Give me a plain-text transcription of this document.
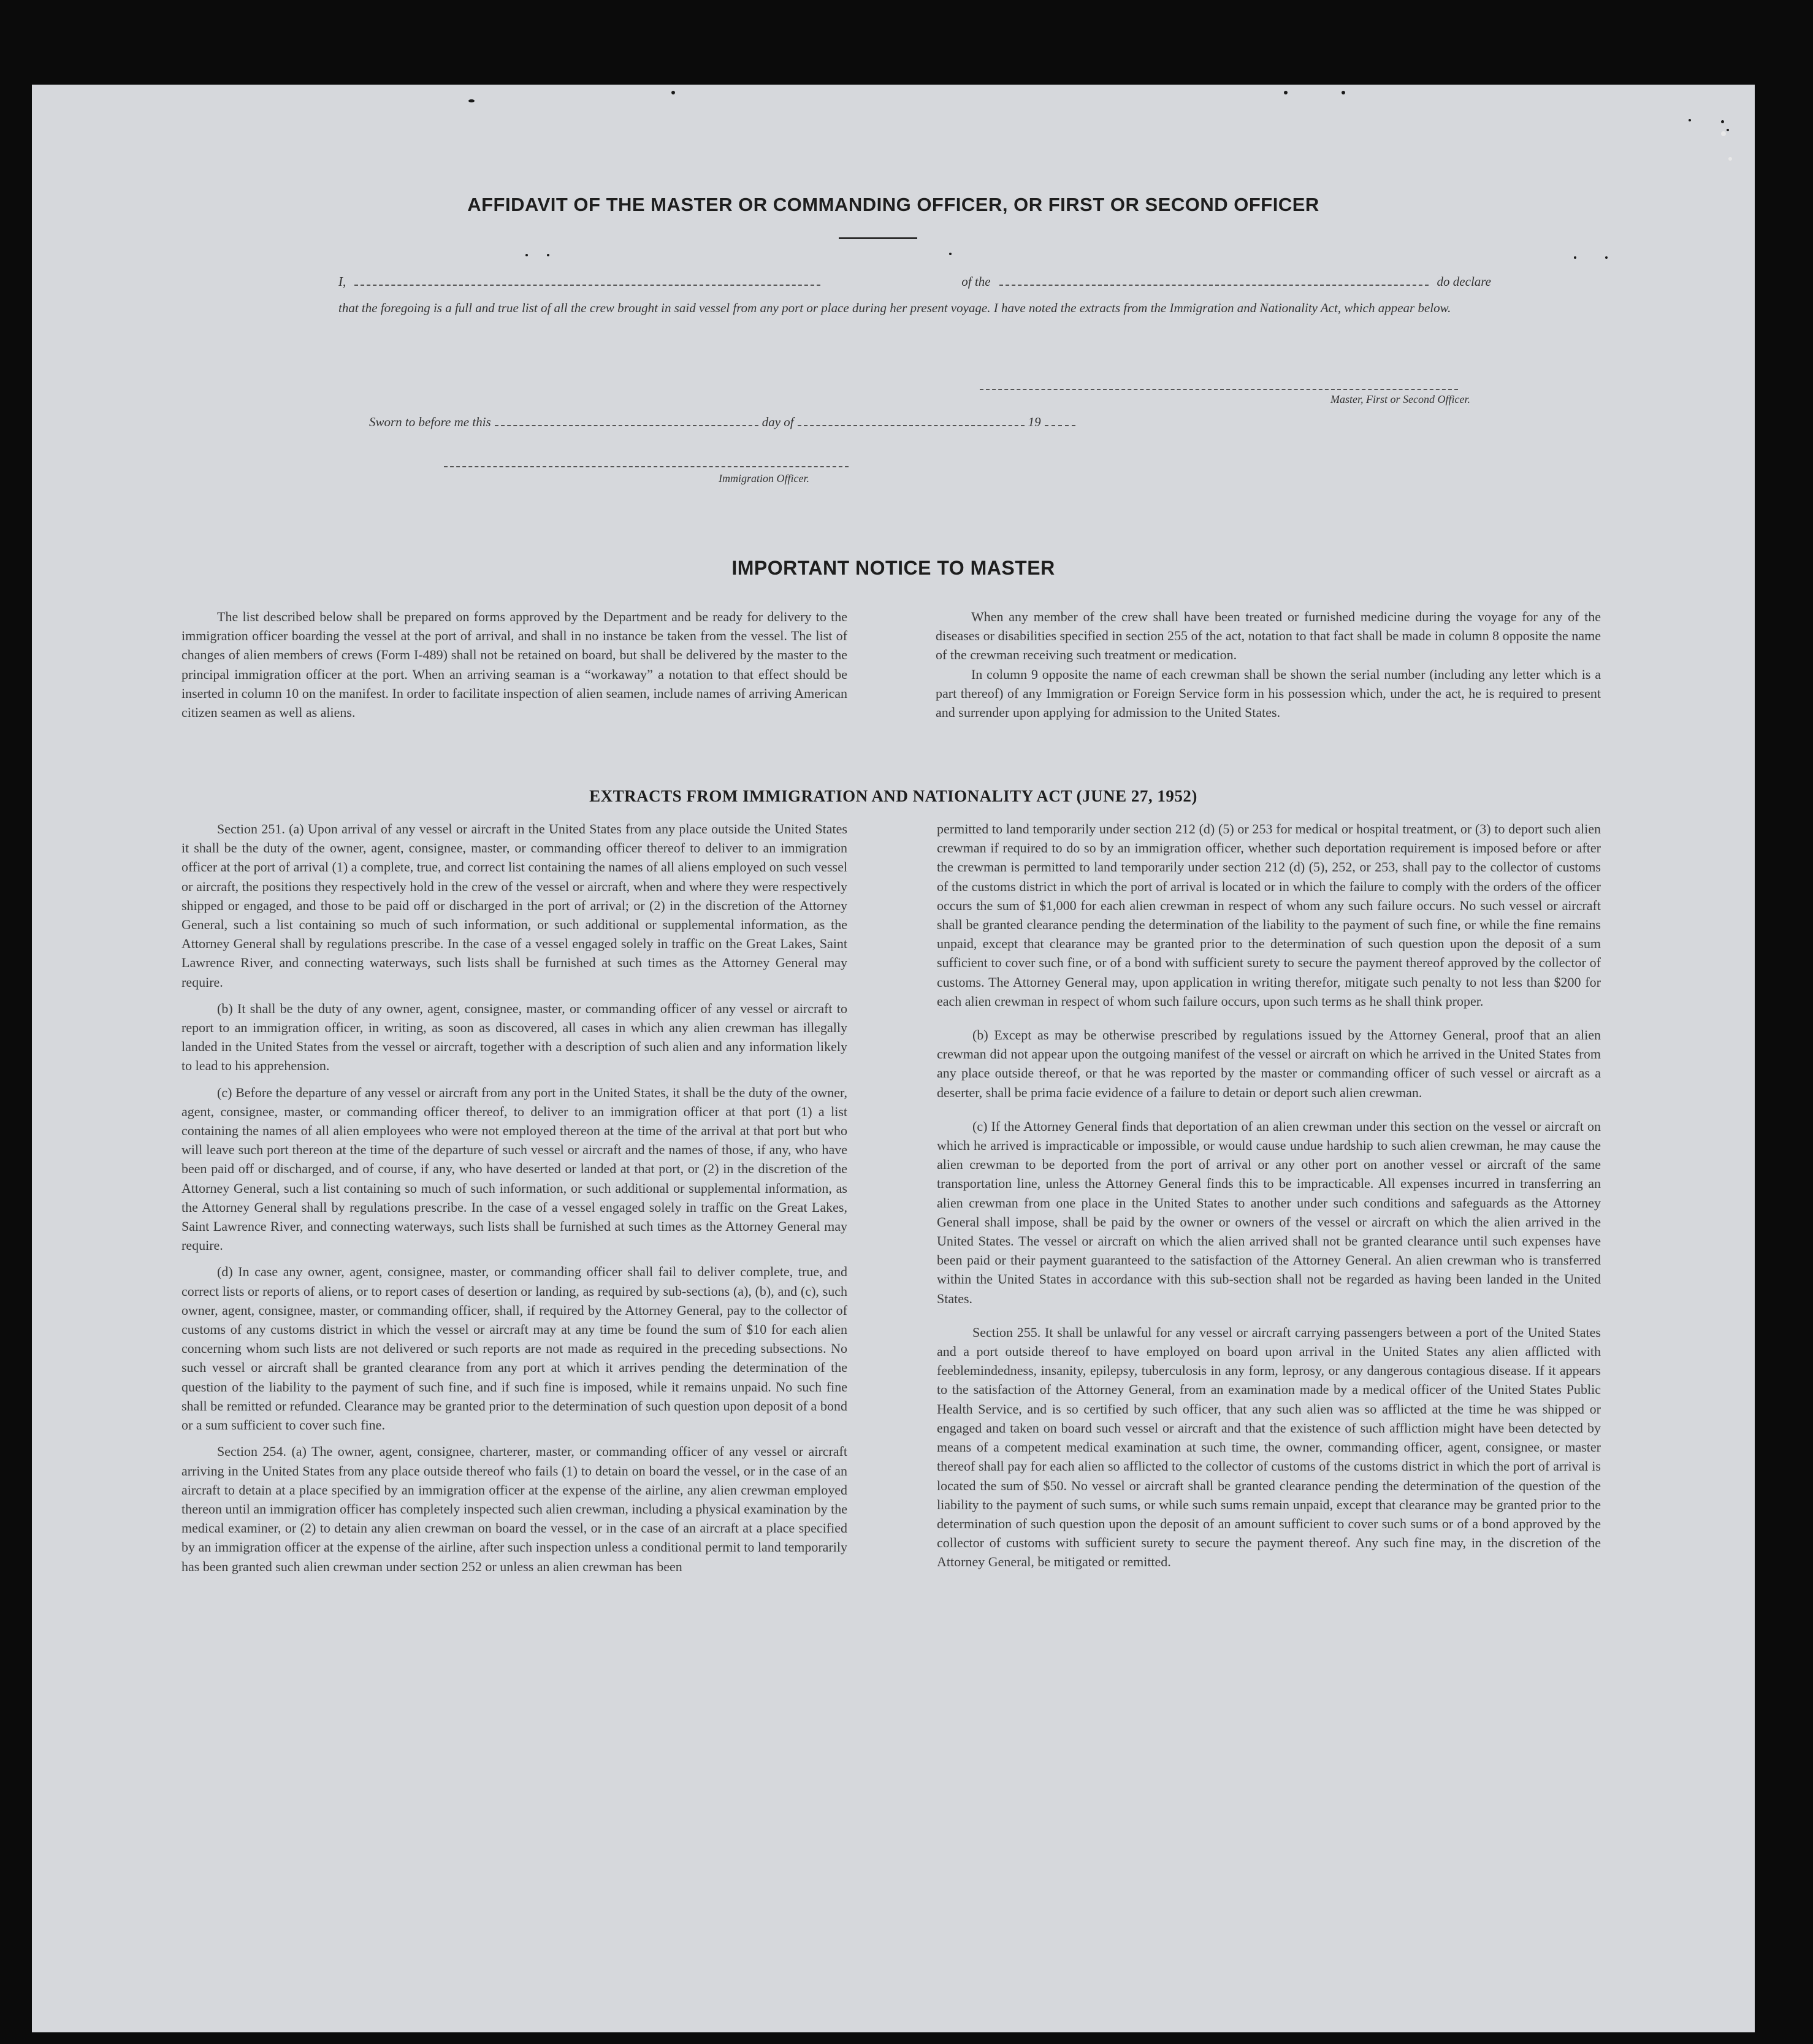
AFFIDAVIT OF THE MASTER OR COMMANDING OFFICER, OR FIRST OR SECOND OFFICER
I,	of the	do declare
that the foregoing is a full and true list of all the crew brought in said vessel from any port or place during her present voyage. I have noted the extracts from the Immigration and Nationality Act, which appear below.
Master, First or Second Officer.
Sworn to before me this	day of	19
Immigration Officer.
IMPORTANT NOTICE TO MASTER

The list described below shall be prepared on forms approved by the Department and be ready for delivery to the immigration officer boarding the vessel at the port of arrival, and shall in no instance be taken from the vessel. The list of changes of alien members of crews (Form I-489) shall not be retained on board, but shall be delivered by the master to the principal immigration officer at the port. When an arriving seaman is a “workaway” a notation to that effect should be inserted in column 10 on the manifest. In order to facilitate inspection of alien seamen, include names of arriving American citizen seamen as well as aliens.

When any member of the crew shall have been treated or furnished medicine during the voyage for any of the diseases or disabilities specified in section 255 of the act, notation to that fact shall be made in column 8 opposite the name of the crewman receiving such treatment or medication.

In column 9 opposite the name of each crewman shall be shown the serial number (including any letter which is a part thereof) of any Immigration or Foreign Service form in his possession which, under the act, he is required to present and surrender upon applying for admission to the United States.

EXTRACTS FROM IMMIGRATION AND NATIONALITY ACT (JUNE 27, 1952)

Section 251. (a) Upon arrival of any vessel or aircraft in the United States from any place outside the United States it shall be the duty of the owner, agent, consignee, master, or commanding officer thereof to deliver to an immigration officer at the port of arrival (1) a complete, true, and correct list containing the names of all aliens employed on such vessel or aircraft, the positions they respectively hold in the crew of the vessel or aircraft, when and where they were respectively shipped or engaged, and those to be paid off or discharged in the port of arrival; or (2) in the discretion of the Attorney General, such a list containing so much of such information, or such additional or supplemental information, as the Attorney General shall by regulations prescribe. In the case of a vessel engaged solely in traffic on the Great Lakes, Saint Lawrence River, and connecting waterways, such lists shall be furnished at such times as the Attorney General may require.

(b) It shall be the duty of any owner, agent, consignee, master, or commanding officer of any vessel or aircraft to report to an immigration officer, in writing, as soon as discovered, all cases in which any alien crewman has illegally landed in the United States from the vessel or aircraft, together with a description of such alien and any information likely to lead to his apprehension.

(c) Before the departure of any vessel or aircraft from any port in the United States, it shall be the duty of the owner, agent, consignee, master, or commanding officer thereof, to deliver to an immigration officer at that port (1) a list containing the names of all alien employees who were not employed thereon at the time of the arrival at that port but who will leave such port thereon at the time of the departure of such vessel or aircraft and the names of those, if any, who have been paid off or discharged, and of course, if any, who have deserted or landed at that port, or (2) in the discretion of the Attorney General, such a list containing so much of such information, or such additional or supplemental information, as the Attorney General shall by regulations prescribe. In the case of a vessel engaged solely in traffic on the Great Lakes, Saint Lawrence River, and connecting waterways, such lists shall be furnished at such times as the Attorney General may require.

(d) In case any owner, agent, consignee, master, or commanding officer shall fail to deliver complete, true, and correct lists or reports of aliens, or to report cases of desertion or landing, as required by sub-sections (a), (b), and (c), such owner, agent, consignee, master, or commanding officer, shall, if required by the Attorney General, pay to the collector of customs of any customs district in which the vessel or aircraft may at any time be found the sum of $10 for each alien concerning whom such lists are not delivered or such reports are not made as required in the preceding subsections. No such vessel or aircraft shall be granted clearance from any port at which it arrives pending the determination of the question of the liability to the payment of such fine, and if such fine is imposed, while it remains unpaid. No such fine shall be remitted or refunded. Clearance may be granted prior to the determination of such question upon deposit of a bond or a sum sufficient to cover such fine.

Section 254. (a) The owner, agent, consignee, charterer, master, or commanding officer of any vessel or aircraft arriving in the United States from any place outside thereof who fails (1) to detain on board the vessel, or in the case of an aircraft to detain at a place specified by an immigration officer at the expense of the airline, any alien crewman employed thereon until an immigration officer has completely inspected such alien crewman, including a physical examination by the medical examiner, or (2) to detain any alien crewman on board the vessel, or in the case of an aircraft at a place specified by an immigration officer at the expense of the airline, after such inspection unless a conditional permit to land temporarily has been granted such alien crewman under section 252 or unless an alien crewman has been

permitted to land temporarily under section 212 (d) (5) or 253 for medical or hospital treatment, or (3) to deport such alien crewman if required to do so by an immigration officer, whether such deportation requirement is imposed before or after the crewman is permitted to land temporarily under section 212 (d) (5), 252, or 253, shall pay to the collector of customs of the customs district in which the port of arrival is located or in which the failure to comply with the orders of the officer occurs the sum of $1,000 for each alien crewman in respect of whom any such failure occurs. No such vessel or aircraft shall be granted clearance pending the determination of the liability to the payment of such fine, or while the fine remains unpaid, except that clearance may be granted prior to the determination of such question upon the deposit of a sum sufficient to cover such fine, or of a bond with sufficient surety to secure the payment thereof approved by the collector of customs. The Attorney General may, upon application in writing therefor, mitigate such penalty to not less than $200 for each alien crewman in respect of whom such failure occurs, upon such terms as he shall think proper.

(b) Except as may be otherwise prescribed by regulations issued by the Attorney General, proof that an alien crewman did not appear upon the outgoing manifest of the vessel or aircraft on which he arrived in the United States from any place outside thereof, or that he was reported by the master or commanding officer of such vessel or aircraft as a deserter, shall be prima facie evidence of a failure to detain or deport such alien crewman.

(c) If the Attorney General finds that deportation of an alien crewman under this section on the vessel or aircraft on which he arrived is impracticable or impossible, or would cause undue hardship to such alien crewman, he may cause the alien crewman to be deported from the port of arrival or any other port on another vessel or aircraft of the same transportation line, unless the Attorney General finds this to be impracticable. All expenses incurred in transferring an alien crewman from one place in the United States to another under such conditions and safeguards as the Attorney General shall impose, shall be paid by the owner or owners of the vessel or aircraft on which the alien arrived in the United States. The vessel or aircraft on which the alien arrived shall not be granted clearance until such expenses have been paid or their payment guaranteed to the satisfaction of the Attorney General. An alien crewman who is transferred within the United States in accordance with this sub-section shall not be regarded as having been landed in the United States.

Section 255. It shall be unlawful for any vessel or aircraft carrying passengers between a port of the United States and a port outside thereof to have employed on board upon arrival in the United States any alien afflicted with feeblemindedness, insanity, epilepsy, tuberculosis in any form, leprosy, or any dangerous contagious disease. If it appears to the satisfaction of the Attorney General, from an examination made by a medical officer of the United States Public Health Service, and is so certified by such officer, that any such alien was so afflicted at the time he was shipped or engaged and taken on board such vessel or aircraft and that the existence of such affliction might have been detected by means of a competent medical examination at such time, the owner, commanding officer, agent, consignee, or master thereof shall pay for each alien so afflicted to the collector of customs of the customs district in which the port of arrival is located the sum of $50. No vessel or aircraft shall be granted clearance pending the determination of the question of the liability to the payment of such sums, or while such sums remain unpaid, except that clearance may be granted prior to the determination of such question upon the deposit of an amount sufficient to cover such sums or of a bond approved by the collector of customs with sufficient surety to secure the payment thereof. Any such fine may, in the discretion of the Attorney General, be mitigated or remitted.
